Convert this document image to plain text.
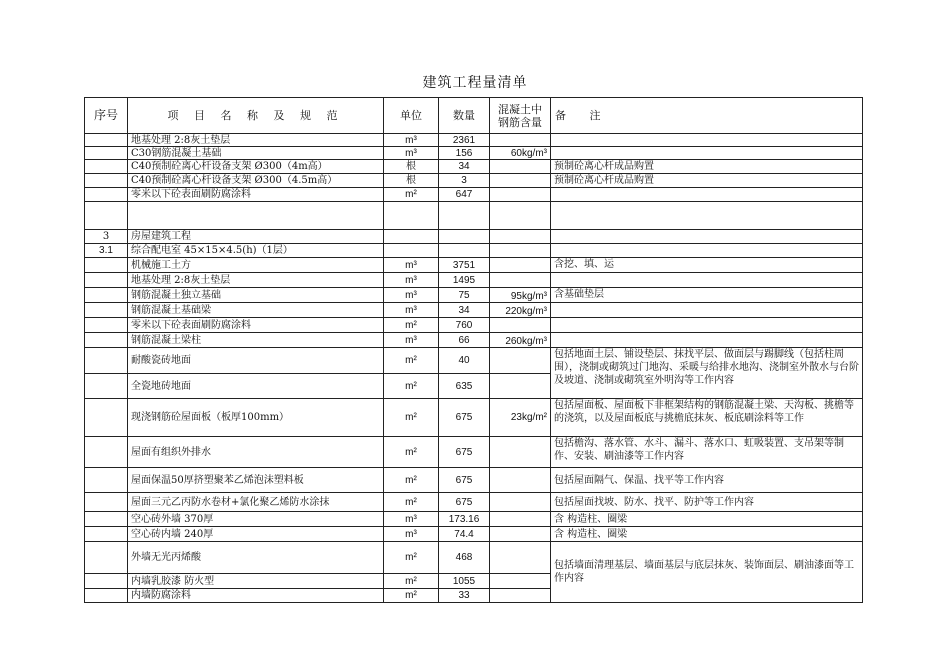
建筑工程量清单
序号	项 目 名 称 及 规 范	单位	数量	混凝土中钢筋含量	备 注
	地基处理 2:8灰土垫层	m³	2361		
	C30钢筋混凝土基础	m³	156	60kg/m³	
	C40预制砼离心杆设备支架 Ø300（4m高）	根	34		预制砼离心杆成品购置
	C40预制砼离心杆设备支架 Ø300（4.5m高）	根	3		预制砼离心杆成品购置
	零米以下砼表面刷防腐涂料	m²	647		

3	房屋建筑工程				
3.1	综合配电室 45×15×4.5(h)（1层）				
	机械施工土方	m³	3751		含挖、填、运
	地基处理 2:8灰土垫层	m³	1495		
	钢筋混凝土独立基础	m³	75	95kg/m³	含基础垫层
	钢筋混凝土基础梁	m³	34	220kg/m³	
	零米以下砼表面刷防腐涂料	m²	760		
	钢筋混凝土梁柱	m³	66	260kg/m³	
	耐酸瓷砖地面	m²	40		包括地面土层、铺设垫层、抹找平层、做面层与踢脚线（包括柱周围），浇制或砌筑过门地沟、采暖与给排水地沟、浇制室外散水与台阶及坡道、浇制或砌筑室外明沟等工作内容
	全瓷地砖地面	m²	635		
	现浇钢筋砼屋面板（板厚100mm）	m²	675	23kg/m²	包括屋面板、屋面板下非框架结构的钢筋混凝土梁、天沟板、挑檐等的浇筑，以及屋面板底与挑檐底抹灰、板底刷涂料等工作
	屋面有组织外排水	m²	675		包括檐沟、落水管、水斗、漏斗、落水口、虹吸装置、支吊架等制作、安装、刷油漆等工作内容
	屋面保温50厚挤塑聚苯乙烯泡沫塑料板	m²	675		包括屋面隔气、保温、找平等工作内容
	屋面三元乙丙防水卷材+氯化聚乙烯防水涂抹	m²	675		包括屋面找坡、防水、找平、防护等工作内容
	空心砖外墙 370厚	m³	173.16		含 构造柱、圈梁
	空心砖内墙 240厚	m³	74.4		含 构造柱、圈梁
	外墙无光丙烯酸	m²	468		包括墙面清理基层、墙面基层与底层抹灰、装饰面层、刷油漆面等工作内容
	内墙乳胶漆 防火型	m²	1055		
	内墙防腐涂料	m²	33		
